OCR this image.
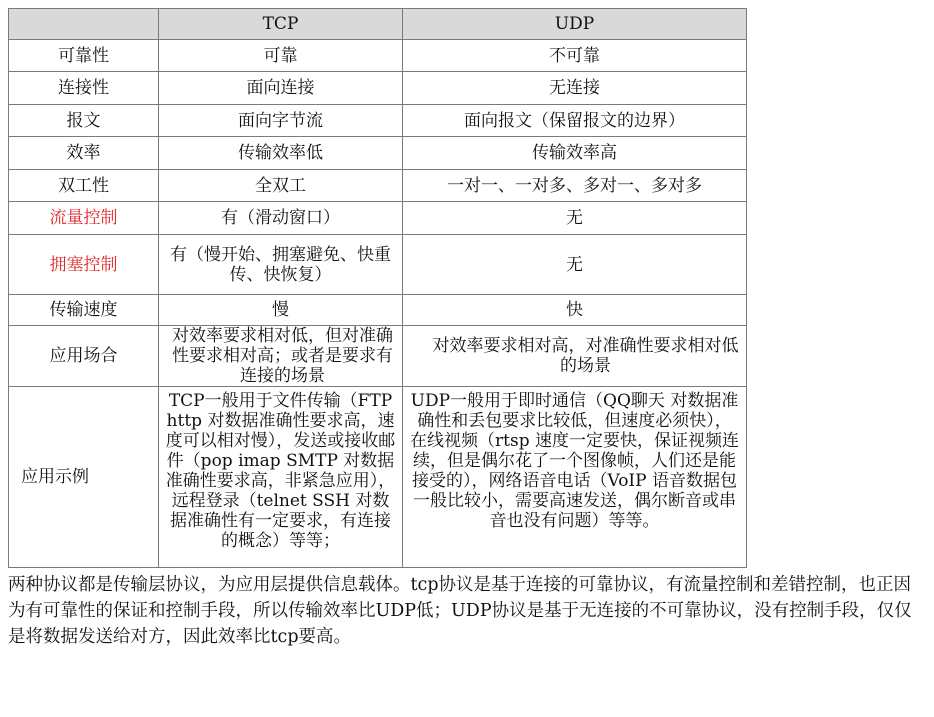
	TCP	UDP
可靠性	可靠	不可靠
连接性	面向连接	无连接
报文	面向字节流	面向报文（保留报文的边界）
效率	传输效率低	传输效率高
双工性	全双工	一对一、一对多、多对一、多对多
流量控制	有（滑动窗口）	无
拥塞控制	有（慢开始、拥塞避免、快重传、快恢复）	无
传输速度	慢	快
应用场合	对效率要求相对低，但对准确性要求相对高；或者是要求有连接的场景	对效率要求相对高，对准确性要求相对低的场景
应用示例	TCP一般用于文件传输（FTP http 对数据准确性要求高，速度可以相对慢），发送或接收邮件（pop imap SMTP 对数据准确性要求高，非紧急应用），远程登录（telnet SSH 对数据准确性有一定要求，有连接的概念）等等；	UDP一般用于即时通信（QQ聊天 对数据准确性和丢包要求比较低，但速度必须快），在线视频（rtsp 速度一定要快，保证视频连续，但是偶尔花了一个图像帧，人们还是能接受的），网络语音电话（VoIP 语音数据包一般比较小，需要高速发送，偶尔断音或串音也没有问题）等等。
两种协议都是传输层协议，为应用层提供信息载体。tcp协议是基于连接的可靠协议，有流量控制和差错控制，也正因为有可靠性的保证和控制手段，所以传输效率比UDP低；UDP协议是基于无连接的不可靠协议，没有控制手段，仅仅是将数据发送给对方，因此效率比tcp要高。
